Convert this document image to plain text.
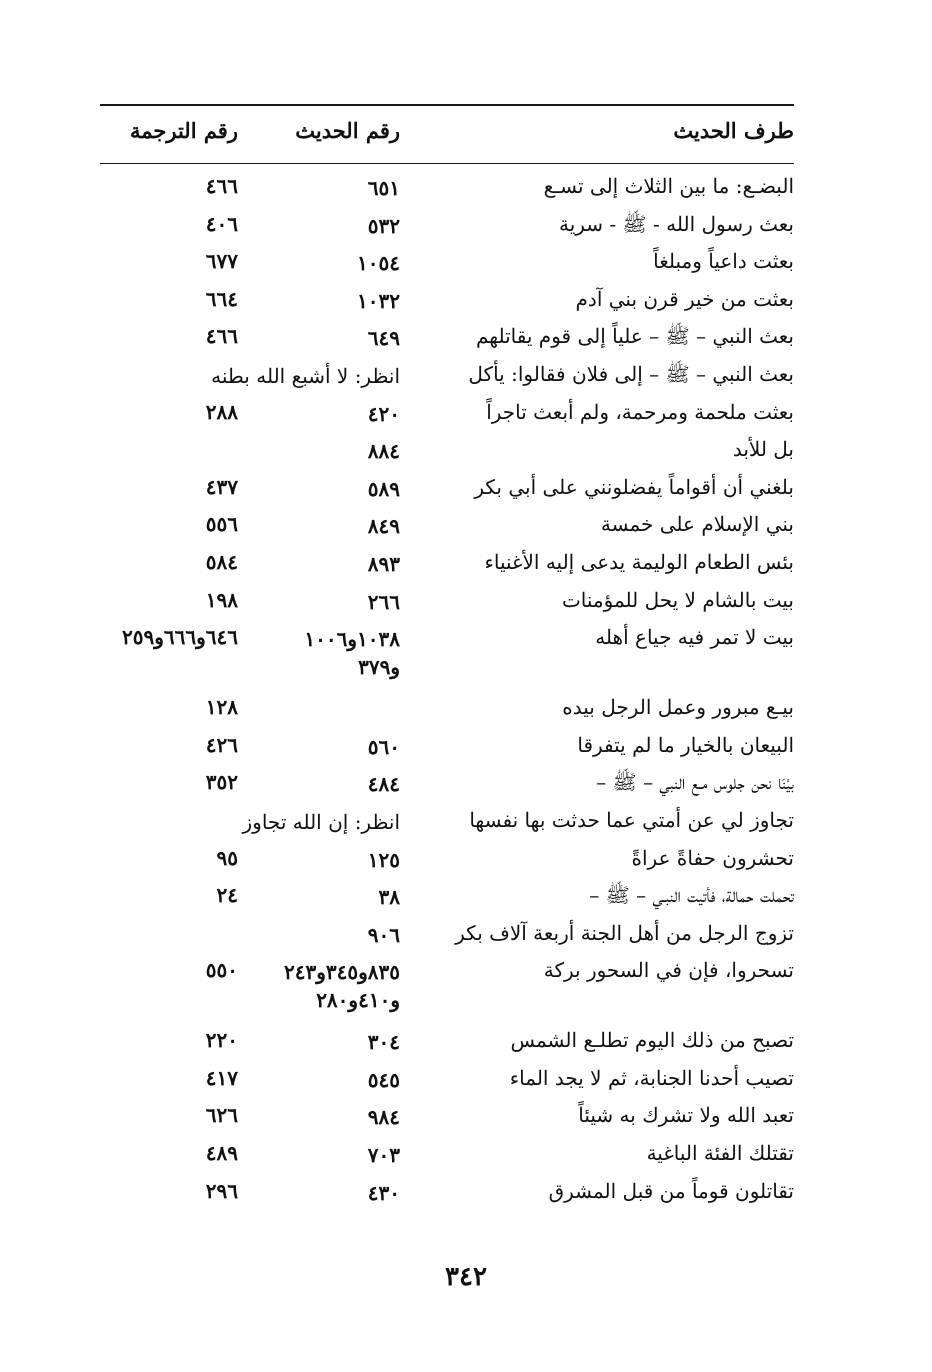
طرف الحديث
رقم الحديث
رقم الترجمة
البضـع: ما بين الثلاث إلى تسـع
٦٥١
٤٦٦
بعث رسول الله - ﷺ - سرية
٥٣٢
٤٠٦
بعثت داعياً ومبلغاً
١٠٥٤
٦٧٧
بعثت من خير قرن بني آدم
١٠٣٢
٦٦٤
بعث النبي – ﷺ – علياً إلى قوم يقاتلهم
٦٤٩
٤٦٦
بعث النبي – ﷺ – إلى فلان فقالوا: يأكل
انظر: لا أشبع الله بطنه
بعثت ملحمة ومرحمة، ولم أبعث تاجراً
٤٢٠
٢٨٨
بل للأبد
٨٨٤
بلغني أن أقواماً يفضلونني على أبي بكر
٥٨٩
٤٣٧
بني الإسلام على خمسة
٨٤٩
٥٥٦
بئس الطعام الوليمة يدعى إليه الأغنياء
٨٩٣
٥٨٤
بيت بالشام لا يحل للمؤمنات
٢٦٦
١٩٨
بيت لا تمر فيه جياع أهله
١٠٣٨و١٠٠٦
و٣٧٩
٦٤٦و٦٦٦و٢٥٩
بيـع مبرور وعمل الرجل بيده
١٢٨
البيعان بالخيار ما لم يتفرقا
٥٦٠
٤٢٦
بيْنَا نحن جلوس مـع النبي – ﷺ –
٤٨٤
٣٥٢
تجاوز لي عن أمتي عما حدثت بها نفسها
انظر: إن الله تجاوز
تحشرون حفاةً عراةً
١٢٥
٩٥
تحملت حمالة، فأتيت النبـي – ﷺ –
٣٨
٢٤
تزوج الرجل من أهل الجنة أربعة آلاف بكر
٩٠٦
تسحروا، فإن في السحور بركة
٨٣٥و٣٤٥و٢٤٣
و٤١٠و٢٨٠
٥٥٠
تصبح من ذلك اليوم تطلـع الشمس
٣٠٤
٢٢٠
تصيب أحدنا الجنابة، ثم لا يجد الماء
٥٤٥
٤١٧
تعبد الله ولا تشرك به شيئاً
٩٨٤
٦٢٦
تقتلك الفئة الباغية
٧٠٣
٤٨٩
تقاتلون قوماً من قبل المشرق
٤٣٠
٢٩٦
٣٤٢
